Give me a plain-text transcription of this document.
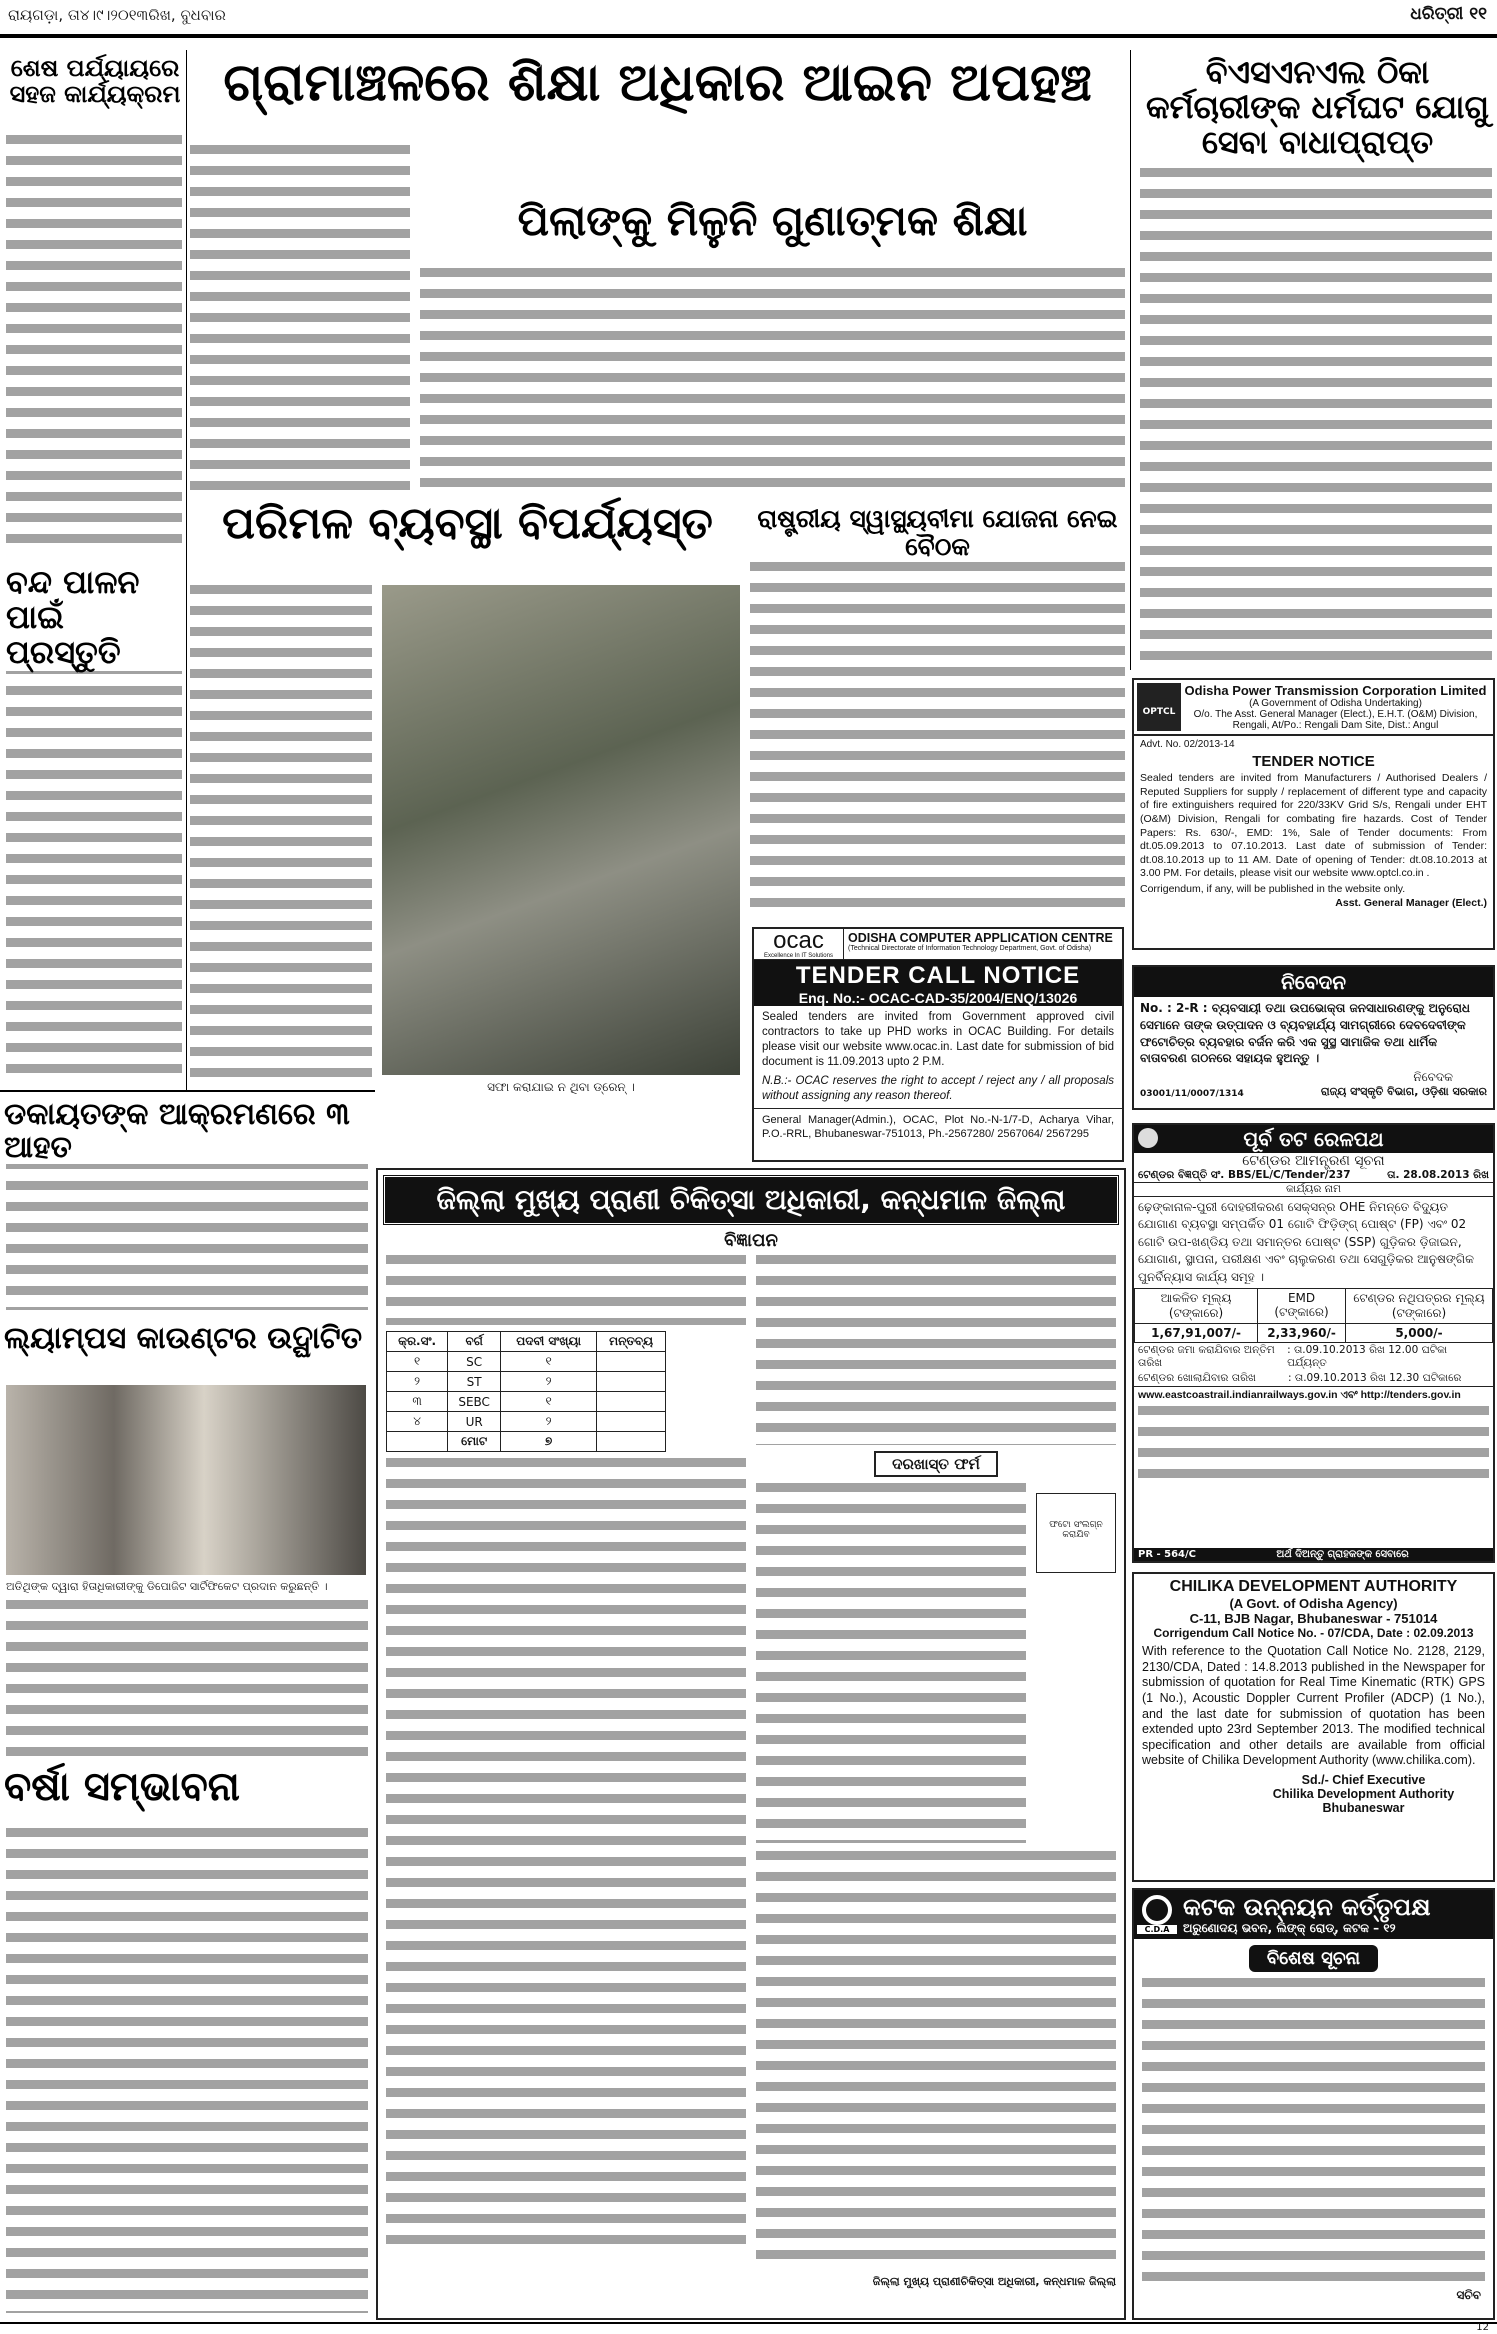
ରାୟଗଡ଼ା, ତା୪।୯।୨୦୧୩ରିଖ, ବୁଧବାର	ଧରିତ୍ରୀ ୧୧
ଶେଷ ପର୍ଯ୍ୟାୟରେ ସହଜ କାର୍ଯ୍ୟକ୍ରମ
ବନ୍ଦ ପାଳନ ପାଇଁ ପ୍ରସ୍ତୁତି
ଗ୍ରାମାଞ୍ଚଳରେ ଶିକ୍ଷା ଅଧିକାର ଆଇନ ଅପହଞ୍ଚ
ପିଲାଙ୍କୁ ମିଳୁନି ଗୁଣାତ୍ମକ ଶିକ୍ଷା
ବିଏସଏନଏଲ ଠିକା କର୍ମଚାରୀଙ୍କ ଧର୍ମଘଟ ଯୋଗୁ ସେବା ବାଧାପ୍ରାପ୍ତ
OPTCL
Odisha Power Transmission Corporation Limited
(A Government of Odisha Undertaking)
O/o. The Asst. General Manager (Elect.), E.H.T. (O&M) Division, Rengali, At/Po.: Rengali Dam Site, Dist.: Angul
Advt. No. 02/2013-14
TENDER NOTICE
Sealed tenders are invited from Manufacturers / Authorised Dealers / Reputed Suppliers for supply / replacement of different type and capacity of fire extinguishers required for 220/33KV Grid S/s, Rengali under EHT (O&M) Division, Rengali for combating fire hazards. Cost of Tender Papers: Rs. 630/-, EMD: 1%, Sale of Tender documents: From dt.05.09.2013 to 07.10.2013. Last date of submission of Tender: dt.08.10.2013 up to 11 AM. Date of opening of Tender: dt.08.10.2013 at 3.00 PM. For details, please visit our website www.optcl.co.in .
Corrigendum, if any, will be published in the website only.
Asst. General Manager (Elect.)
ନିବେଦନ
No. : 2-R : ବ୍ୟବସାୟୀ ତଥା ଉପଭୋକ୍ତା ଜନସାଧାରଣଙ୍କୁ ଅନୁରୋଧ ସେମାନେ ତାଙ୍କ ଉତ୍ପାଦନ ଓ ବ୍ୟବହାର୍ଯ୍ୟ ସାମଗ୍ରୀରେ ଦେବଦେବୀଙ୍କ ଫଟୋଚିତ୍ର ବ୍ୟବହାର ବର୍ଜନ କରି ଏକ ସୁସ୍ଥ ସାମାଜିକ ତଥା ଧାର୍ମିକ ବାତାବରଣ ଗଠନରେ ସହାୟକ ହୁଅନ୍ତୁ ।
ନିବେଦକ
03001/11/0007/1314	ରାଜ୍ୟ ସଂସ୍କୃତି ବିଭାଗ, ଓଡ଼ିଶା ସରକାର
ପୂର୍ବ ତଟ ରେଳପଥ
ଟେଣ୍ଡର ଆମନ୍ତ୍ରଣ ସୂଚନା
ଟେଣ୍ଡର ବିଜ୍ଞପ୍ତି ସଂ. BBS/EL/C/Tender/237	ତା. 28.08.2013 ରିଖ
କାର୍ଯ୍ୟର ନାମ
ଢ଼େଙ୍କାନାଳ-ପୁରୀ ଦୋହରୀକରଣ ସେକ୍ସନ୍‌ର OHE ନିମନ୍ତେ ବିଦ୍ୟୁତ ଯୋଗାଣ ବ୍ୟବସ୍ଥା ସମ୍ପର୍କିତ 01 ଗୋଟି ଫିଡ଼ିଙ୍ଗ୍ ପୋଷ୍ଟ (FP) ଏବଂ 02 ଗୋଟି ଉପ-ଖଣ୍ଡିୟ ତଥା ସମାନ୍ତର ପୋଷ୍ଟ (SSP) ଗୁଡ଼ିକର ଡ଼ିଜାଇନ, ଯୋଗାଣ, ସ୍ଥାପନା, ପରୀକ୍ଷଣ ଏବଂ ଚାଲୁକରଣ ତଥା ସେଗୁଡ଼ିକର ଆନୁଷଙ୍ଗିକ ପୁନର୍ବିନ୍ୟାସ କାର୍ଯ୍ୟ ସମୂହ ।
ଆକଳିତ ମୂଲ୍ୟ (ଟଙ୍କାରେ)	EMD (ଟଙ୍କାରେ)	ଟେଣ୍ଡର ନଥିପତ୍ରର ମୂଲ୍ୟ (ଟଙ୍କାରେ)
1,67,91,007/-	2,33,960/-	5,000/-
ଟେଣ୍ଡର ଜମା କରାଯିବାର ଅନ୍ତିମ ତାରିଖ
: ତା.09.10.2013 ରିଖ 12.00 ଘଟିକା ପର୍ଯ୍ୟନ୍ତ
ଟେଣ୍ଡର ଖୋଲାଯିବାର ତାରିଖ	: ତା.09.10.2013 ରିଖ 12.30 ଘଟିକାରେ
www.eastcoastrail.indianrailways.gov.in ଏବଂ http://tenders.gov.in
PR - 564/C	ଅର୍ଥ ଦିଅନ୍ତୁ ଗ୍ରାହକଙ୍କ ସେବାରେ
CHILIKA DEVELOPMENT AUTHORITY
(A Govt. of Odisha Agency)
C-11, BJB Nagar, Bhubaneswar - 751014
Corrigendum Call Notice No. - 07/CDA, Date : 02.09.2013
With reference to the Quotation Call Notice No. 2128, 2129, 2130/CDA, Dated : 14.8.2013 published in the Newspaper for submission of quotation for Real Time Kinematic (RTK) GPS (1 No.), Acoustic Doppler Current Profiler (ADCP) (1 No.), and the last date for submission of quotation has been extended upto 23rd September 2013. The modified technical specification and other details are available from official website of Chilika Development Authority (www.chilika.com).
Sd./- Chief Executive
Chilika Development Authority
Bhubaneswar
C.D.A
କଟକ ଉନ୍ନୟନ କର୍ତ୍ତୃପକ୍ଷ
ଅରୁଣୋଦୟ ଭବନ, ଲିଙ୍କ୍ ରୋଡ୍, କଟକ – ୧୨
ବିଶେଷ ସୂଚନା
ସଚିବ
ପରିମଳ ବ୍ୟବସ୍ଥା ବିପର୍ଯ୍ୟସ୍ତ
ସଫା କରାଯାଇ ନ ଥିବା ଡ୍ରେନ୍ ।
ରାଷ୍ଟ୍ରୀୟ ସ୍ୱାସ୍ଥ୍ୟବୀମା ଯୋଜନା ନେଇ ବୈଠକ
ocac
Excellence In IT Solutions
ODISHA COMPUTER APPLICATION CENTRE
(Technical Directorate of Information Technology Department, Govt. of Odisha)
TENDER CALL NOTICE
Enq. No.:- OCAC-CAD-35/2004/ENQ/13026
Sealed tenders are invited from Government approved civil contractors to take up PHD works in OCAC Building. For details please visit our website www.ocac.in. Last date for submission of bid document is 11.09.2013 upto 2 P.M.
N.B.:- OCAC reserves the right to accept / reject any / all proposals without assigning any reason thereof.
General Manager(Admin.), OCAC, Plot No.-N-1/7-D, Acharya Vihar, P.O.-RRL, Bhubaneswar-751013, Ph.-2567280/ 2567064/ 2567295
ଡକାୟତଙ୍କ ଆକ୍ରମଣରେ ୩ ଆହତ
ଲ୍ୟାମ୍ପସ କାଉଣ୍ଟର ଉଦ୍ଘାଟିତ
ଅତିଥିଙ୍କ ଦ୍ୱାରା ହିତାଧିକାରୀଙ୍କୁ ଡିପୋଜିଟ ସାର୍ଟିଫିକେଟ ପ୍ରଦାନ କରୁଛନ୍ତି ।
ବର୍ଷା ସମ୍ଭାବନା
ଜିଲ୍ଲା ମୁଖ୍ୟ ପ୍ରାଣୀ ଚିକିତ୍ସା ଅଧିକାରୀ, କନ୍ଧମାଳ ଜିଲ୍ଲା
ବିଜ୍ଞାପନ
କ୍ର.ସଂ.	ବର୍ଗ	ପଦବୀ ସଂଖ୍ୟା	ମନ୍ତବ୍ୟ
୧	SC	୧	
୨	ST	୨	
୩	SEBC	୧	
୪	UR	୨	
	ମୋଟ	୭	
ଦରଖାସ୍ତ ଫର୍ମ
ଫଟୋ ସଂଲଗ୍ନ କରାଯିବ
ଜିଲ୍ଲା ମୁଖ୍ୟ ପ୍ରାଣୀଚିକିତ୍ସା ଅଧିକାରୀ, କନ୍ଧମାଳ ଜିଲ୍ଲା
12
